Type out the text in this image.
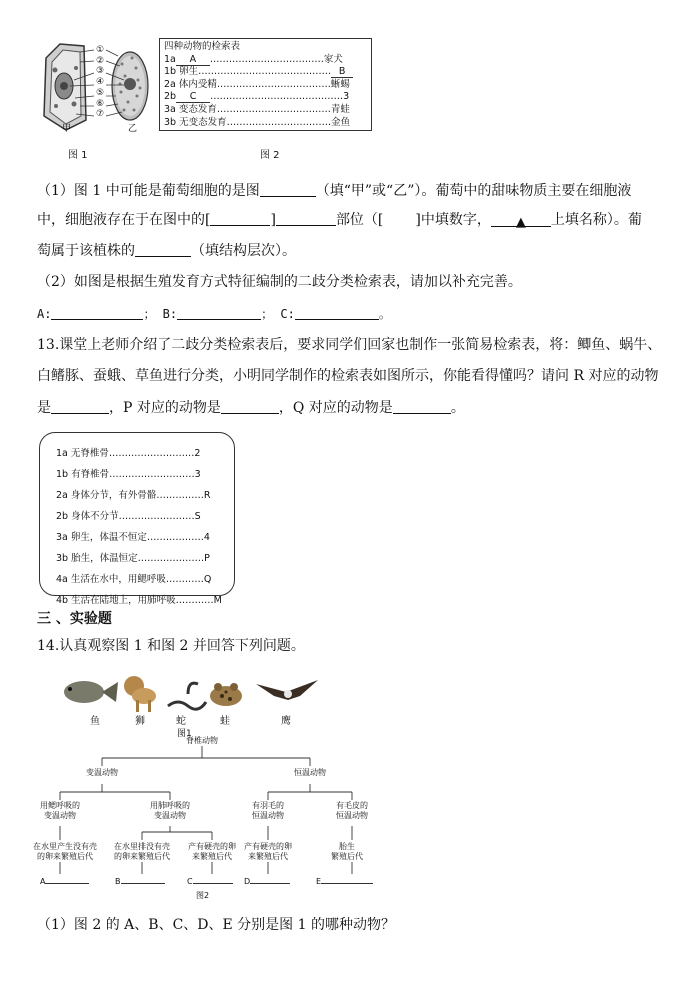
①
②
③
④
⑤
⑥
⑦
甲	乙
图 1
四种动物的检索表
1a A ………………………………家犬
1b 卵生…………………………………… B
2a 体内受精………………………………蜥蜴
2b C ……………………………………3
3a 变态发育………………………………青蛙
3b 无变态发育……………………………金鱼
图 2
（1）图 1 中可能是葡萄细胞的是图	（填“甲”或“乙”）。葡萄中的甜味物质主要在细胞液
中，细胞液存在于在图中的[	]	部位（[ ]中填数字， ▲ 上填名称）。葡
萄属于该植株的	（填结构层次）。
（2）如图是根据生殖发育方式特征编制的二歧分类检索表，请加以补充完善。
A:	； B:	； C:	。
13.课堂上老师介绍了二歧分类检索表后，要求同学们回家也制作一张简易检索表，将：鲫鱼、蜗牛、
白鳍豚、蚕蛾、草鱼进行分类，小明同学制作的检索表如图所示，你能看得懂吗？请问 R 对应的动物
是	，P 对应的动物是	，Q 对应的动物是	。
1a 无脊椎骨………………………2
1b 有脊椎骨………………………3
2a 身体分节，有外骨骼……………R
2b 身体不分节……………………S
3a 卵生，体温不恒定………………4
3b 胎生，体温恒定…………………P
4a 生活在水中，用鳃呼吸…………Q
4b 生活在陆地上，用肺呼吸…………M
三 、实验题
14.认真观察图 1 和图 2 并回答下列问题。
鱼	狮	蛇	蛙	鹰
图1
脊椎动物
变温动物	恒温动物
用鳃呼吸的
变温动物
用肺呼吸的
变温动物
有羽毛的
恒温动物
有毛皮的
恒温动物
在水里产生没有壳
的卵来繁殖后代
在水里排没有壳
的卵来繁殖后代
产有硬壳的卵
来繁殖后代
产有硬壳的卵
来繁殖后代
胎生
繁殖后代
A	B	C	D	E
图2
（1）图 2 的 A、B、C、D、E 分别是图 1 的哪种动物？
